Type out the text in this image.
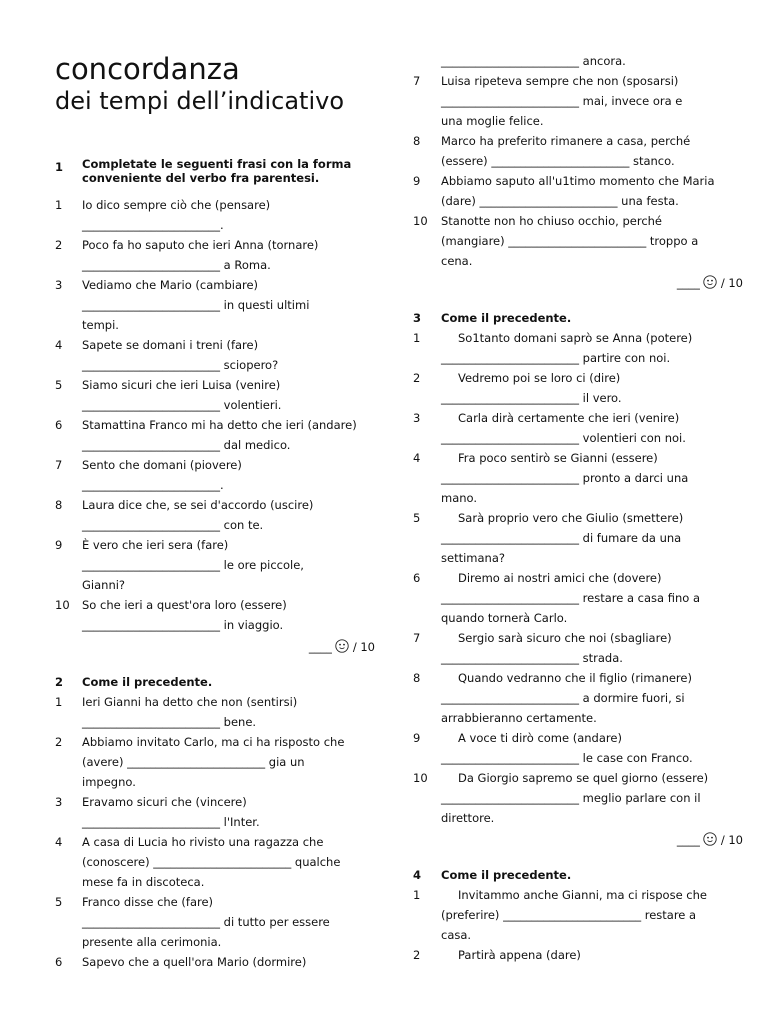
concordanza
dei tempi dell’indicativo
1	Completate le seguenti frasi con la forma
conveniente del verbo fra parentesi.
1	Io dico sempre ciò che (pensare)
________________________.
2	Poco fa ho saputo che ieri Anna (tornare)
________________________ a Roma.
3	Vediamo che Mario (cambiare)
________________________ in questi ultimi
tempi.
4	Sapete se domani i treni (fare)
________________________ sciopero?
5	Siamo sicuri che ieri Luisa (venire)
________________________ volentieri.
6	Stamattina Franco mi ha detto che ieri (andare)
________________________ dal medico.
7	Sento che domani (piovere)
________________________.
8	Laura dice che, se sei d'accordo (uscire)
________________________ con te.
9	È vero che ieri sera (fare)
________________________ le ore piccole,
Gianni?
10	So che ieri a quest'ora loro (essere)
________________________ in viaggio.
____ / 10
2	Come il precedente.
1	Ieri Gianni ha detto che non (sentirsi)
________________________ bene.
2	Abbiamo invitato Carlo, ma ci ha risposto che
(avere) ________________________ gia un
impegno.
3	Eravamo sicuri che (vincere)
________________________ l'Inter.
4	A casa di Lucia ho rivisto una ragazza che
(conoscere) ________________________ qualche
mese fa in discoteca.
5	Franco disse che (fare)
________________________ di tutto per essere
presente alla cerimonia.
6	Sapevo che a quell'ora Mario (dormire)
________________________ ancora.
7	Luisa ripeteva sempre che non (sposarsi)
________________________ mai, invece ora e
una moglie felice.
8	Marco ha preferito rimanere a casa, perché
(essere) ________________________ stanco.
9	Abbiamo saputo all'u1timo momento che Maria
(dare) ________________________ una festa.
10	Stanotte non ho chiuso occhio, perché
(mangiare) ________________________ troppo a
cena.
____ / 10
3	Come il precedente.
1	So1tanto domani saprò se Anna (potere)
________________________ partire con noi.
2	Vedremo poi se loro ci (dire)
________________________ il vero.
3	Carla dirà certamente che ieri (venire)
________________________ volentieri con noi.
4	Fra poco sentirò se Gianni (essere)
________________________ pronto a darci una
mano.
5	Sarà proprio vero che Giulio (smettere)
________________________ di fumare da una
settimana?
6	Diremo ai nostri amici che (dovere)
________________________ restare a casa fino a
quando tornerà Carlo.
7	Sergio sarà sicuro che noi (sbagliare)
________________________ strada.
8	Quando vedranno che il figlio (rimanere)
________________________ a dormire fuori, si
arrabbieranno certamente.
9	A voce ti dirò come (andare)
________________________ le case con Franco.
10	Da Giorgio sapremo se quel giorno (essere)
________________________ meglio parlare con il
direttore.
____ / 10
4	Come il precedente.
1	Invitammo anche Gianni, ma ci rispose che
(preferire) ________________________ restare a
casa.
2	Partirà appena (dare)
